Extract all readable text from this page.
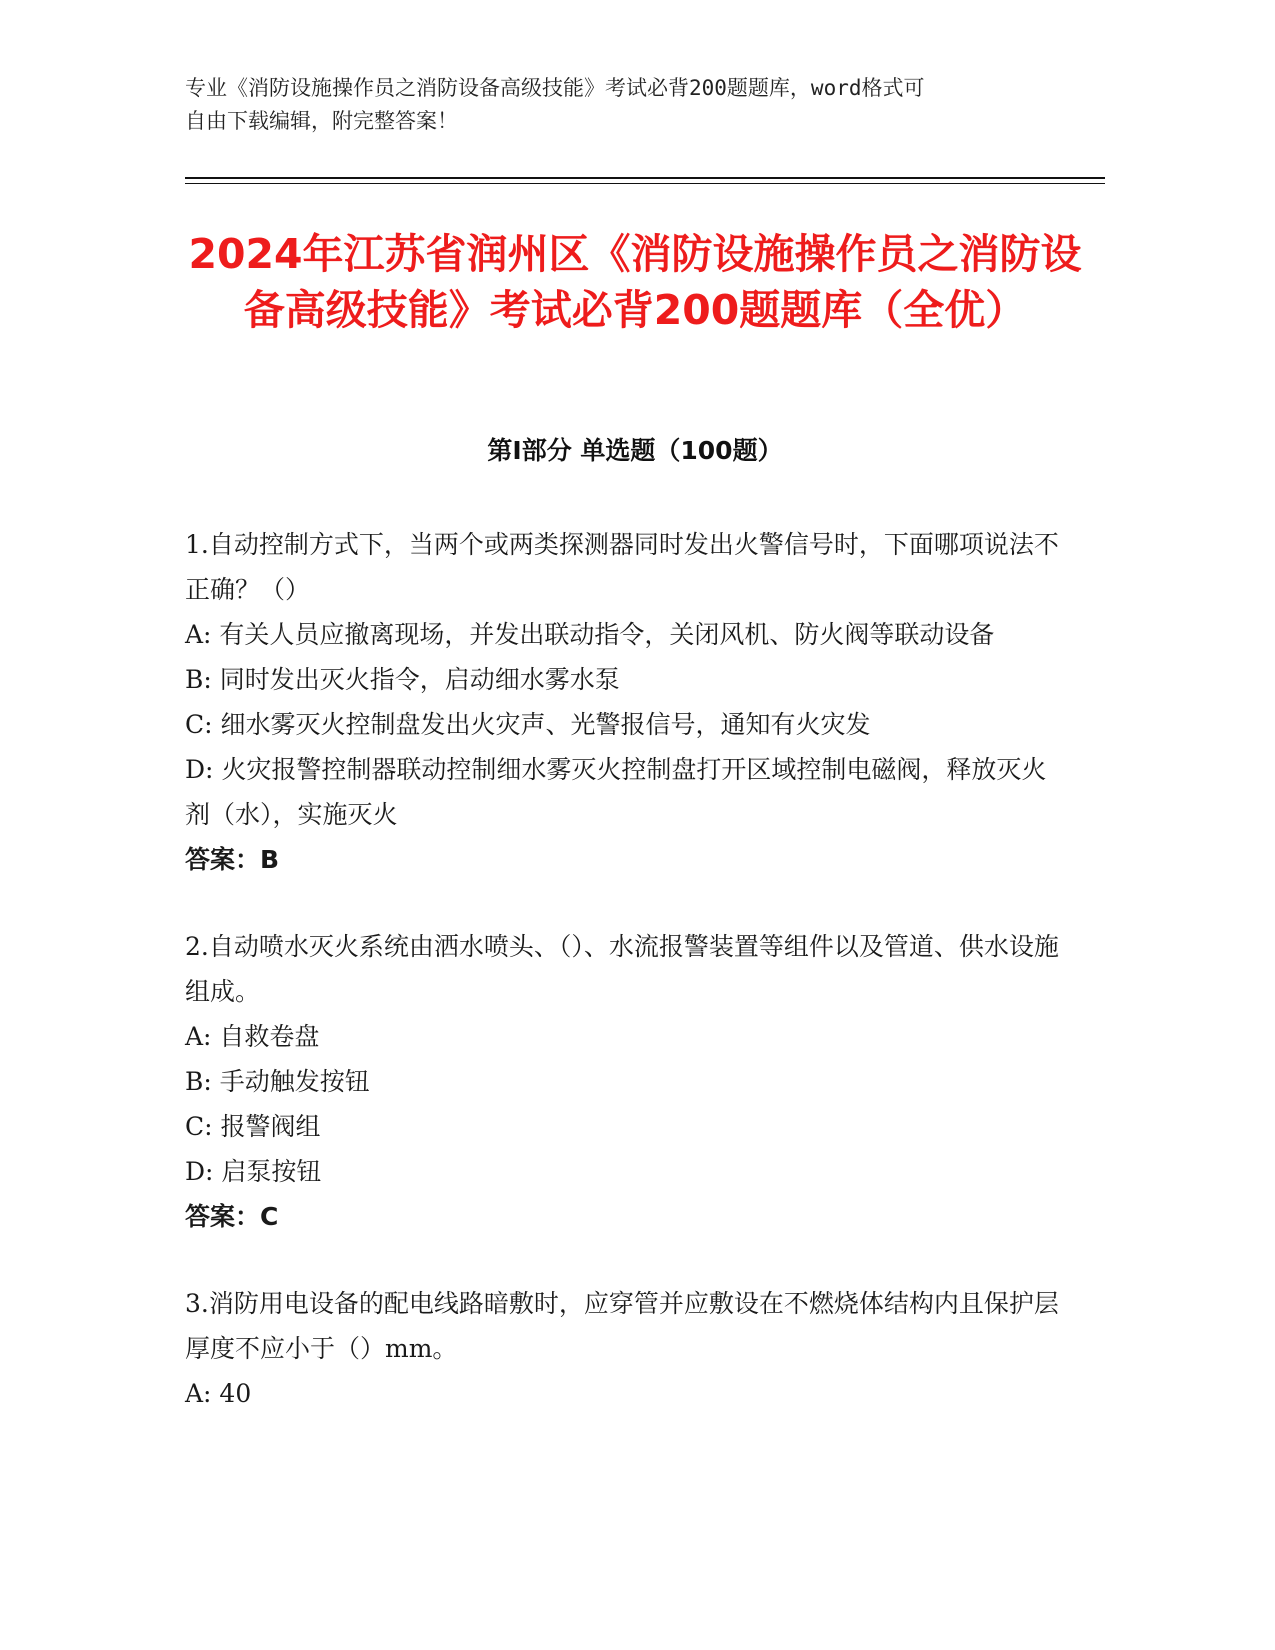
专业《消防设施操作员之消防设备高级技能》考试必背200题题库，word格式可
自由下载编辑，附完整答案！
2024年江苏省润州区《消防设施操作员之消防设备高级技能》考试必背200题题库（全优）
第Ⅰ部分 单选题（100题）

1.自动控制方式下，当两个或两类探测器同时发出火警信号时，下面哪项说法不正确？（）

A: 有关人员应撤离现场，并发出联动指令，关闭风机、防火阀等联动设备

B: 同时发出灭火指令，启动细水雾水泵

C: 细水雾灭火控制盘发出火灾声、光警报信号，通知有火灾发

D: 火灾报警控制器联动控制细水雾灭火控制盘打开区域控制电磁阀，释放灭火剂（水），实施灭火

答案：B

2.自动喷水灭火系统由洒水喷头、（）、水流报警装置等组件以及管道、供水设施组成。

A: 自救卷盘

B: 手动触发按钮

C: 报警阀组

D: 启泵按钮

答案：C

3.消防用电设备的配电线路暗敷时，应穿管并应敷设在不燃烧体结构内且保护层厚度不应小于（）mm。

A: 40
